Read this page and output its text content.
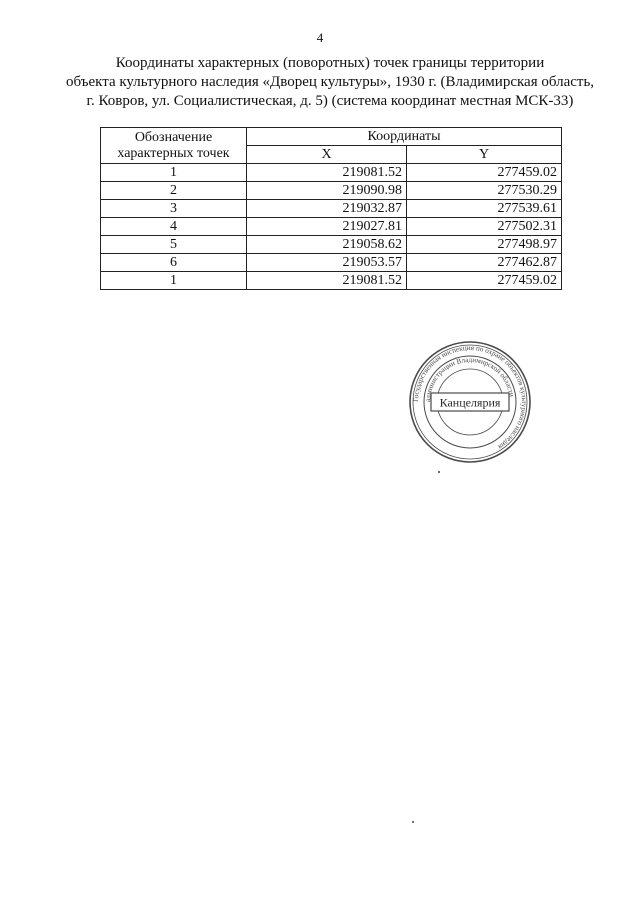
4
Координаты характерных (поворотных) точек границы территории
объекта культурного наследия «Дворец культуры», 1930 г. (Владимирская область,
г. Ковров, ул. Социалистическая, д. 5) (система координат местная МСК-33)
Обозначение
характерных точек	Координаты	
	X	Y
1	219081.52	277459.02
2	219090.98	277530.29
3	219032.87	277539.61
4	219027.81	277502.31
5	219058.62	277498.97
6	219053.57	277462.87
1	219081.52	277459.02
Государственная инспекция по охране объектов культурного наследия
администрации Владимирской области
Канцелярия
